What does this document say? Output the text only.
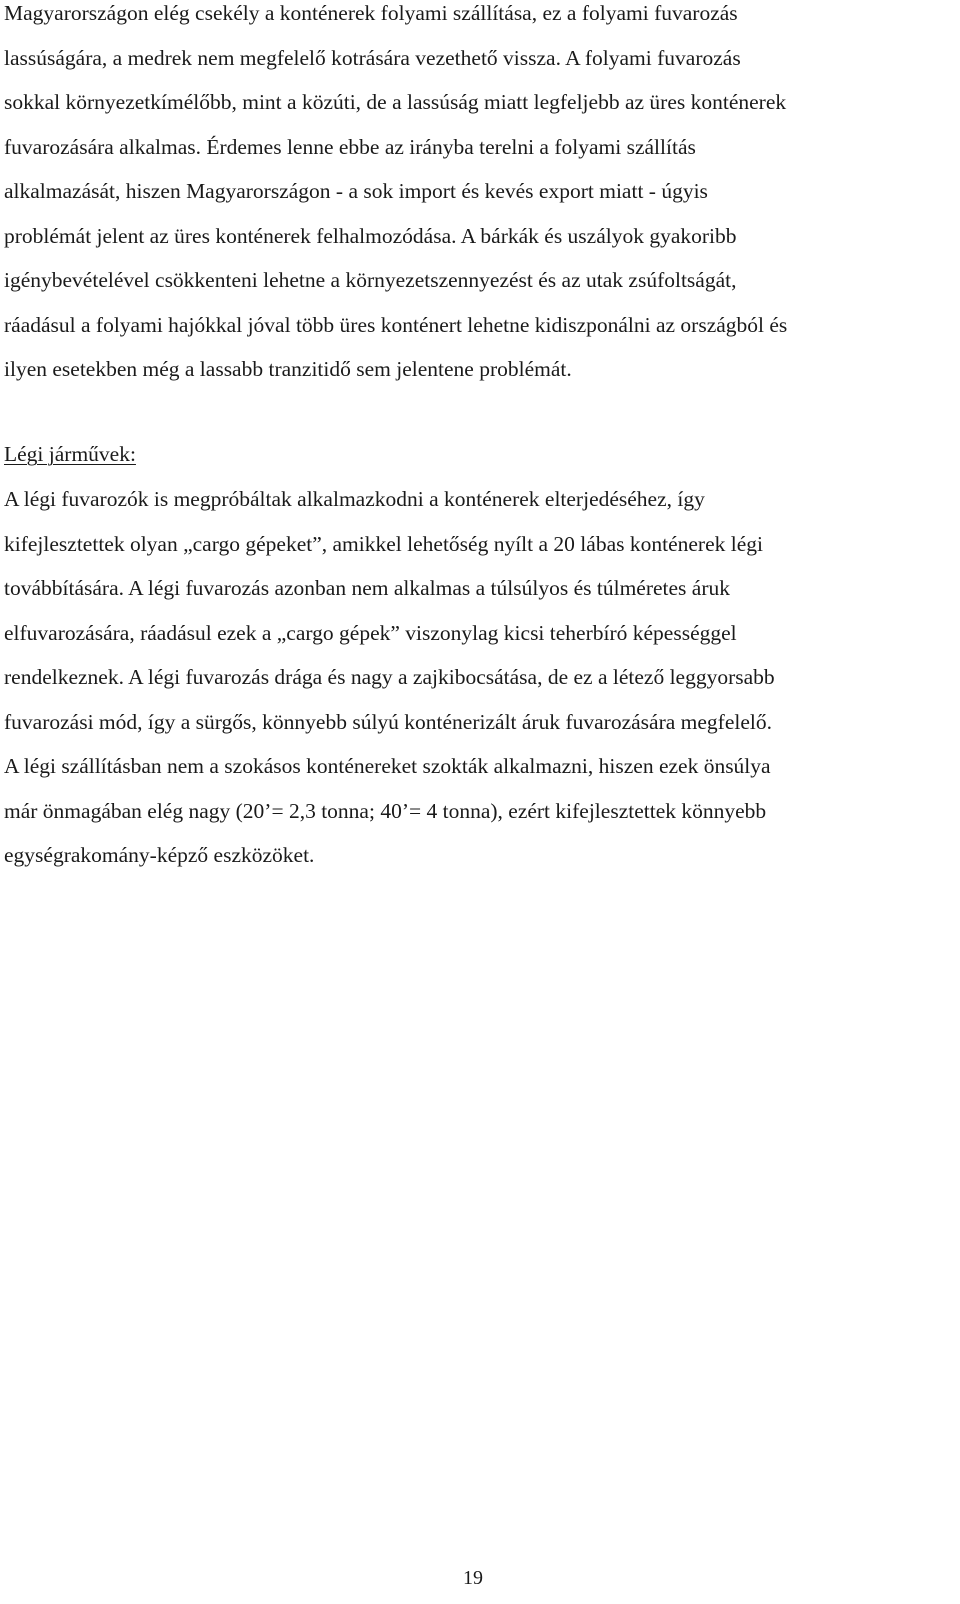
Magyarországon elég csekély a konténerek folyami szállítása, ez a folyami fuvarozás
lassúságára, a medrek nem megfelelő kotrására vezethető vissza. A folyami fuvarozás
sokkal környezetkímélőbb, mint a közúti, de a lassúság miatt legfeljebb az üres konténerek
fuvarozására alkalmas. Érdemes lenne ebbe az irányba terelni a folyami szállítás
alkalmazását, hiszen Magyarországon - a sok import és kevés export miatt - úgyis
problémát jelent az üres konténerek felhalmozódása. A bárkák és uszályok gyakoribb
igénybevételével csökkenteni lehetne a környezetszennyezést és az utak zsúfoltságát,
ráadásul a folyami hajókkal jóval több üres konténert lehetne kidiszponálni az országból és
ilyen esetekben még a lassabb tranzitidő sem jelentene problémát.

Légi járművek:

A légi fuvarozók is megpróbáltak alkalmazkodni a konténerek elterjedéséhez, így
kifejlesztettek olyan „cargo gépeket”, amikkel lehetőség nyílt a 20 lábas konténerek légi
továbbítására. A légi fuvarozás azonban nem alkalmas a túlsúlyos és túlméretes áruk
elfuvarozására, ráadásul ezek a „cargo gépek” viszonylag kicsi teherbíró képességgel
rendelkeznek. A légi fuvarozás drága és nagy a zajkibocsátása, de ez a létező leggyorsabb
fuvarozási mód, így a sürgős, könnyebb súlyú konténerizált áruk fuvarozására megfelelő.
A légi szállításban nem a szokásos konténereket szokták alkalmazni, hiszen ezek önsúlya
már önmagában elég nagy (20’= 2,3 tonna; 40’= 4 tonna), ezért kifejlesztettek könnyebb
egységrakomány-képző eszközöket.

19
